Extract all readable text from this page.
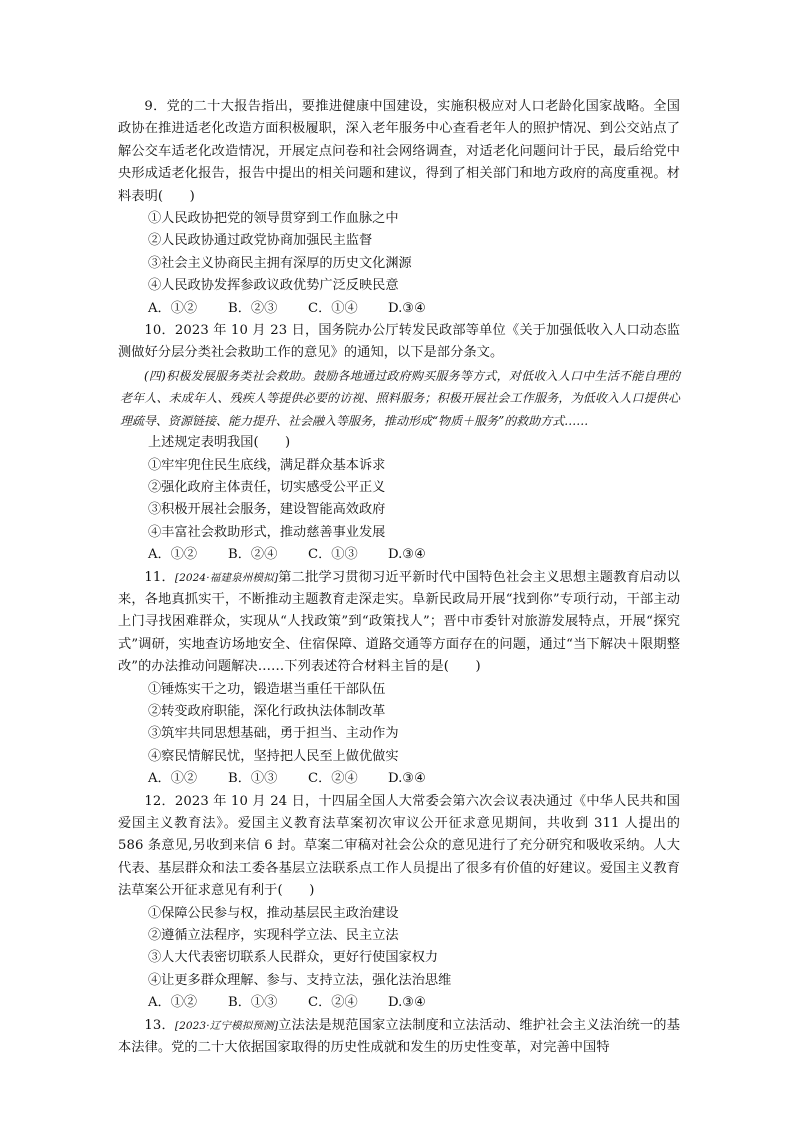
9．党的二十大报告指出，要推进健康中国建设，实施积极应对人口老龄化国家战略。全国政协在推进适老化改造方面积极履职，深入老年服务中心查看老年人的照护情况、到公交站点了解公交车适老化改造情况，开展定点问卷和社会网络调查，对适老化问题问计于民，最后给党中央形成适老化报告，报告中提出的相关问题和建议，得到了相关部门和地方政府的高度重视。材料表明(　　)

①人民政协把党的领导贯穿到工作血脉之中

②人民政协通过政党协商加强民主监督

③社会主义协商民主拥有深厚的历史文化渊源

④人民政协发挥参政议政优势广泛反映民意

A．①②	B．②③	C．①④	D.③④

10．2023 年 10 月 23 日，国务院办公厅转发民政部等单位《关于加强低收入人口动态监测做好分层分类社会救助工作的意见》的通知，以下是部分条文。

(四)积极发展服务类社会救助。鼓励各地通过政府购买服务等方式，对低收入人口中生活不能自理的老年人、未成年人、残疾人等提供必要的访视、照料服务；积极开展社会工作服务，为低收入人口提供心理疏导、资源链接、能力提升、社会融入等服务，推动形成“物质＋服务”的救助方式……

上述规定表明我国(　　)

①牢牢兜住民生底线，满足群众基本诉求

②强化政府主体责任，切实感受公平正义

③积极开展社会服务，建设智能高效政府

④丰富社会救助形式，推动慈善事业发展

A．①②	B．②④	C．①③	D.③④

11．[2024·福建泉州模拟]第二批学习贯彻习近平新时代中国特色社会主义思想主题教育启动以来，各地真抓实干，不断推动主题教育走深走实。阜新民政局开展“找到你”专项行动，干部主动上门寻找困难群众，实现从“人找政策”到“政策找人”；晋中市委针对旅游发展特点，开展“探究式”调研，实地查访场地安全、住宿保障、道路交通等方面存在的问题，通过“当下解决＋限期整改”的办法推动问题解决……下列表述符合材料主旨的是(　　)

①锤炼实干之功，锻造堪当重任干部队伍

②转变政府职能，深化行政执法体制改革

③筑牢共同思想基础，勇于担当、主动作为

④察民情解民忧，坚持把人民至上做优做实

A．①②	B．①③	C．②④	D.③④

12．2023 年 10 月 24 日，十四届全国人大常委会第六次会议表决通过《中华人民共和国爱国主义教育法》。爱国主义教育法草案初次审议公开征求意见期间，共收到 311 人提出的 586 条意见,另收到来信 6 封。草案二审稿对社会公众的意见进行了充分研究和吸收采纳。人大代表、基层群众和法工委各基层立法联系点工作人员提出了很多有价值的好建议。爱国主义教育法草案公开征求意见有利于(　　)

①保障公民参与权，推动基层民主政治建设

②遵循立法程序，实现科学立法、民主立法

③人大代表密切联系人民群众，更好行使国家权力

④让更多群众理解、参与、支持立法，强化法治思维

A．①②	B．①③	C．②④	D.③④

13．[2023·辽宁模拟预测]立法法是规范国家立法制度和立法活动、维护社会主义法治统一的基本法律。党的二十大依据国家取得的历史性成就和发生的历史性变革，对完善中国特
